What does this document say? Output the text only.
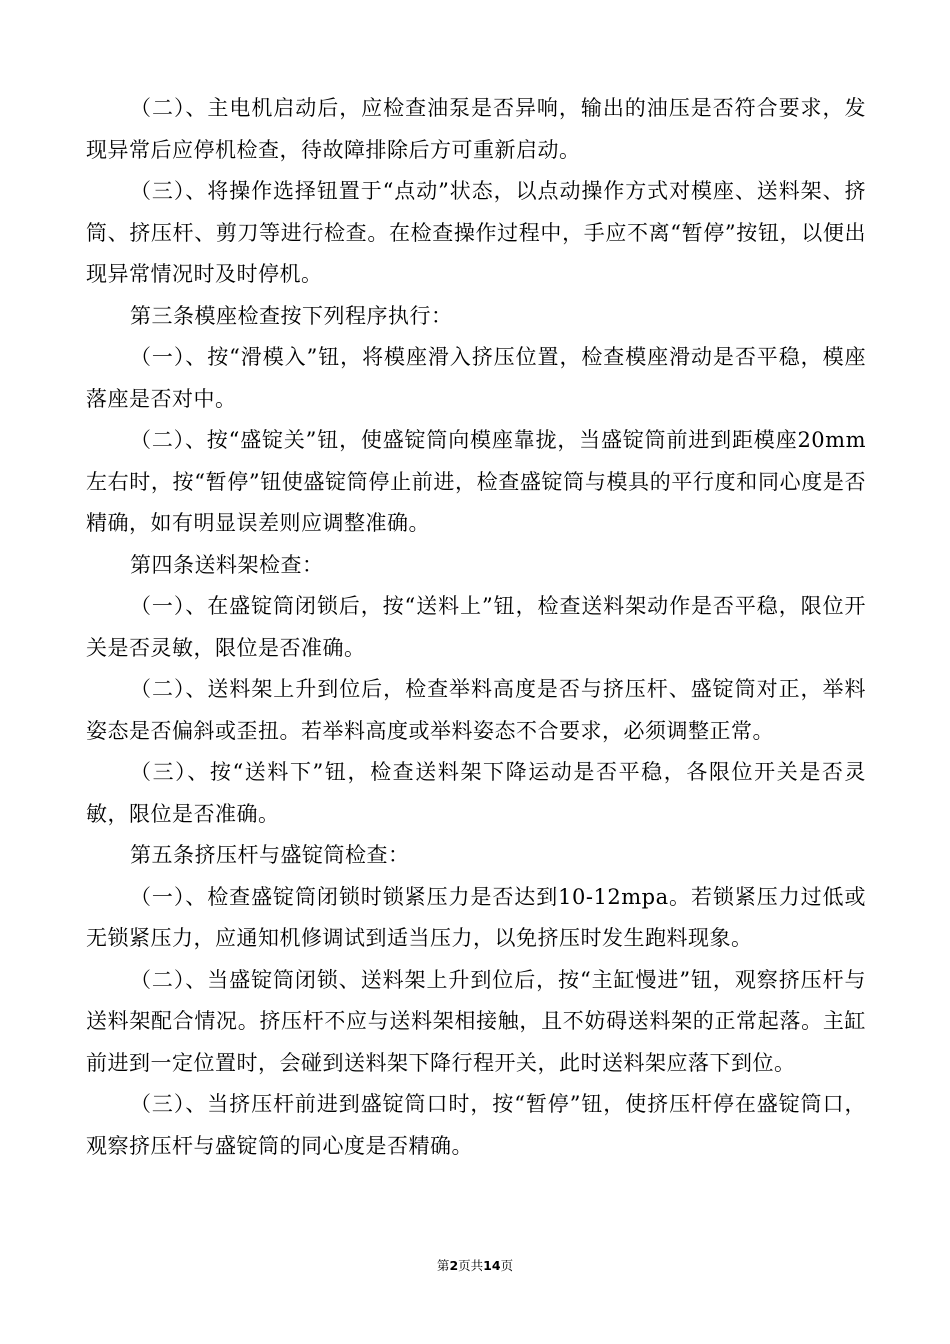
（二）、主电机启动后，应检查油泵是否异响，输出的油压是否符合要求，发现异常后应停机检查，待故障排除后方可重新启动。

（三）、将操作选择钮置于“点动”状态，以点动操作方式对模座、送料架、挤筒、挤压杆、剪刀等进行检查。在检查操作过程中，手应不离“暂停”按钮，以便出现异常情况时及时停机。

第三条模座检查按下列程序执行：

（一）、按“滑模入”钮，将模座滑入挤压位置，检查模座滑动是否平稳，模座落座是否对中。

（二）、按“盛锭关”钮，使盛锭筒向模座靠拢，当盛锭筒前进到距模座20mm左右时，按“暂停”钮使盛锭筒停止前进，检查盛锭筒与模具的平行度和同心度是否精确，如有明显误差则应调整准确。

第四条送料架检查：

（一）、在盛锭筒闭锁后，按“送料上”钮，检查送料架动作是否平稳，限位开关是否灵敏，限位是否准确。

（二）、送料架上升到位后，检查举料高度是否与挤压杆、盛锭筒对正，举料姿态是否偏斜或歪扭。若举料高度或举料姿态不合要求，必须调整正常。

（三）、按“送料下”钮，检查送料架下降运动是否平稳，各限位开关是否灵敏，限位是否准确。

第五条挤压杆与盛锭筒检查：

（一）、检查盛锭筒闭锁时锁紧压力是否达到10-12mpa。若锁紧压力过低或无锁紧压力，应通知机修调试到适当压力，以免挤压时发生跑料现象。

（二）、当盛锭筒闭锁、送料架上升到位后，按“主缸慢进”钮，观察挤压杆与送料架配合情况。挤压杆不应与送料架相接触，且不妨碍送料架的正常起落。主缸前进到一定位置时，会碰到送料架下降行程开关，此时送料架应落下到位。

（三）、当挤压杆前进到盛锭筒口时，按“暂停”钮，使挤压杆停在盛锭筒口，观察挤压杆与盛锭筒的同心度是否精确。

第2页共14页
